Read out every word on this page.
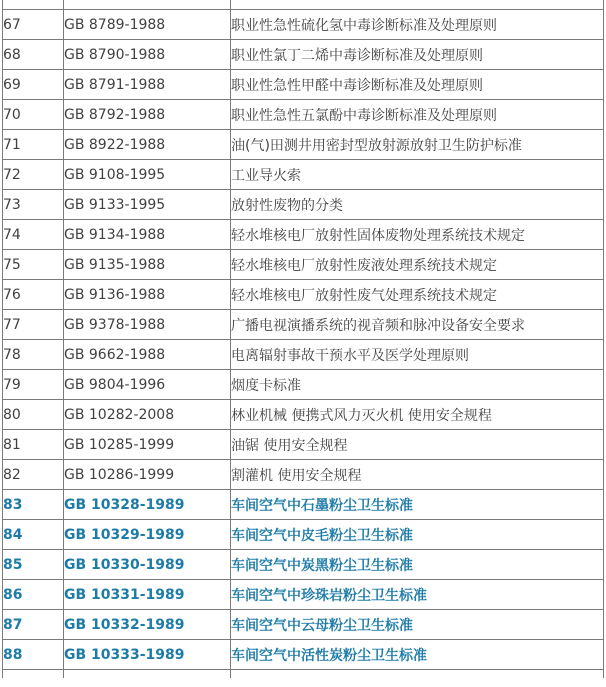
67	GB 8789-1988	职业性急性硫化氢中毒诊断标准及处理原则
68	GB 8790-1988	职业性氯丁二烯中毒诊断标准及处理原则
69	GB 8791-1988	职业性急性甲醛中毒诊断标准及处理原则
70	GB 8792-1988	职业性急性五氯酚中毒诊断标准及处理原则
71	GB 8922-1988	油(气)田测井用密封型放射源放射卫生防护标准
72	GB 9108-1995	工业导火索
73	GB 9133-1995	放射性废物的分类
74	GB 9134-1988	轻水堆核电厂放射性固体废物处理系统技术规定
75	GB 9135-1988	轻水堆核电厂放射性废液处理系统技术规定
76	GB 9136-1988	轻水堆核电厂放射性废气处理系统技术规定
77	GB 9378-1988	广播电视演播系统的视音频和脉冲设备安全要求
78	GB 9662-1988	电离辐射事故干预水平及医学处理原则
79	GB 9804-1996	烟度卡标准
80	GB 10282-2008	林业机械 便携式风力灭火机 使用安全规程
81	GB 10285-1999	油锯 使用安全规程
82	GB 10286-1999	割灌机 使用安全规程
83	GB 10328-1989	车间空气中石墨粉尘卫生标准
84	GB 10329-1989	车间空气中皮毛粉尘卫生标准
85	GB 10330-1989	车间空气中炭黑粉尘卫生标准
86	GB 10331-1989	车间空气中珍珠岩粉尘卫生标准
87	GB 10332-1989	车间空气中云母粉尘卫生标准
88	GB 10333-1989	车间空气中活性炭粉尘卫生标准
